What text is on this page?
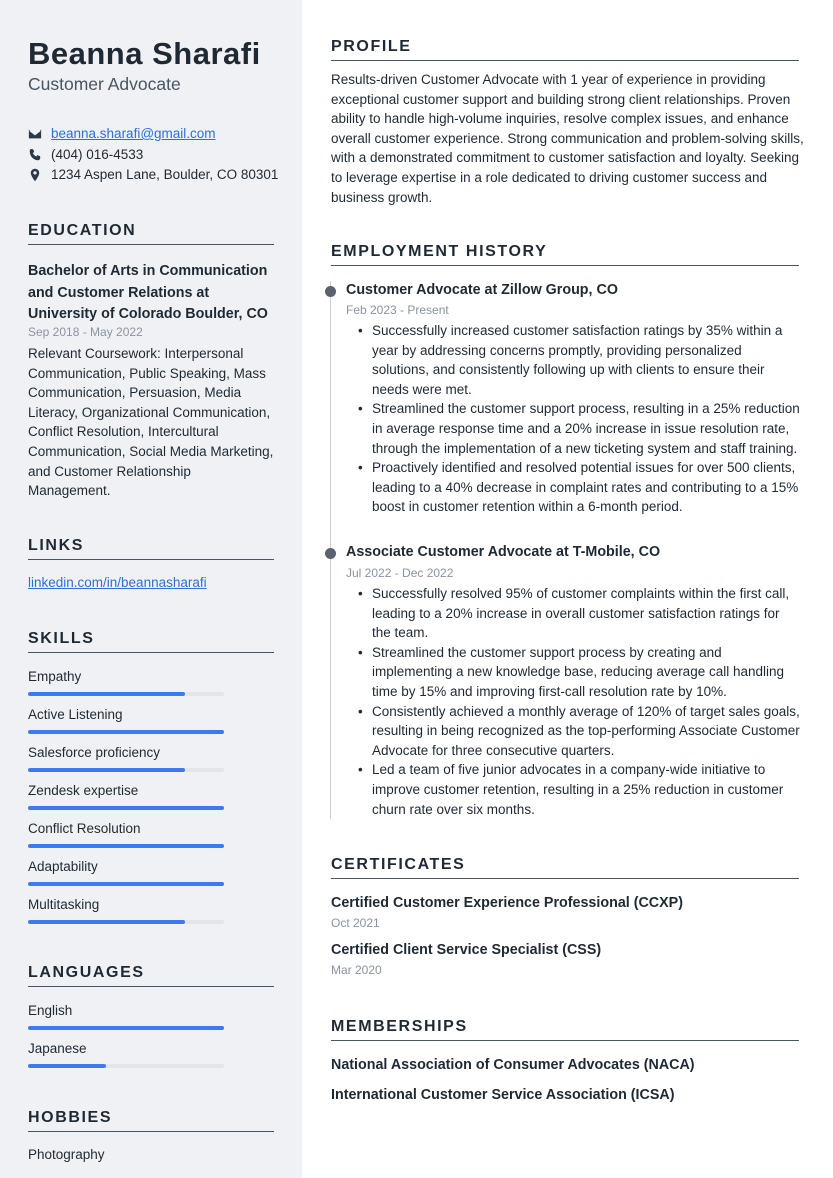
Beanna Sharafi
Customer Advocate
beanna.sharafi@gmail.com
(404) 016-4533
1234 Aspen Lane, Boulder, CO 80301
EDUCATION
Bachelor of Arts in Communication and Customer Relations at University of Colorado Boulder, CO
Sep 2018 - May 2022
Relevant Coursework: Interpersonal Communication, Public Speaking, Mass Communication, Persuasion, Media Literacy, Organizational Communication, Conflict Resolution, Intercultural Communication, Social Media Marketing, and Customer Relationship Management.
LINKS
linkedin.com/in/beannasharafi
SKILLS
Empathy
Active Listening
Salesforce proficiency
Zendesk expertise
Conflict Resolution
Adaptability
Multitasking
LANGUAGES
English
Japanese
HOBBIES
Photography
PROFILE
Results-driven Customer Advocate with 1 year of experience in providing exceptional customer support and building strong client relationships. Proven ability to handle high-volume inquiries, resolve complex issues, and enhance overall customer experience. Strong communication and problem-solving skills, with a demonstrated commitment to customer satisfaction and loyalty. Seeking to leverage expertise in a role dedicated to driving customer success and business growth.
EMPLOYMENT HISTORY
Customer Advocate at Zillow Group, CO
Feb 2023 - Present
• Successfully increased customer satisfaction ratings by 35% within a year by addressing concerns promptly, providing personalized solutions, and consistently following up with clients to ensure their needs were met.
• Streamlined the customer support process, resulting in a 25% reduction in average response time and a 20% increase in issue resolution rate, through the implementation of a new ticketing system and staff training.
• Proactively identified and resolved potential issues for over 500 clients, leading to a 40% decrease in complaint rates and contributing to a 15% boost in customer retention within a 6-month period.
Associate Customer Advocate at T-Mobile, CO
Jul 2022 - Dec 2022
• Successfully resolved 95% of customer complaints within the first call, leading to a 20% increase in overall customer satisfaction ratings for the team.
• Streamlined the customer support process by creating and implementing a new knowledge base, reducing average call handling time by 15% and improving first-call resolution rate by 10%.
• Consistently achieved a monthly average of 120% of target sales goals, resulting in being recognized as the top-performing Associate Customer Advocate for three consecutive quarters.
• Led a team of five junior advocates in a company-wide initiative to improve customer retention, resulting in a 25% reduction in customer churn rate over six months.
CERTIFICATES
Certified Customer Experience Professional (CCXP)
Oct 2021
Certified Client Service Specialist (CSS)
Mar 2020
MEMBERSHIPS
National Association of Consumer Advocates (NACA)
International Customer Service Association (ICSA)
